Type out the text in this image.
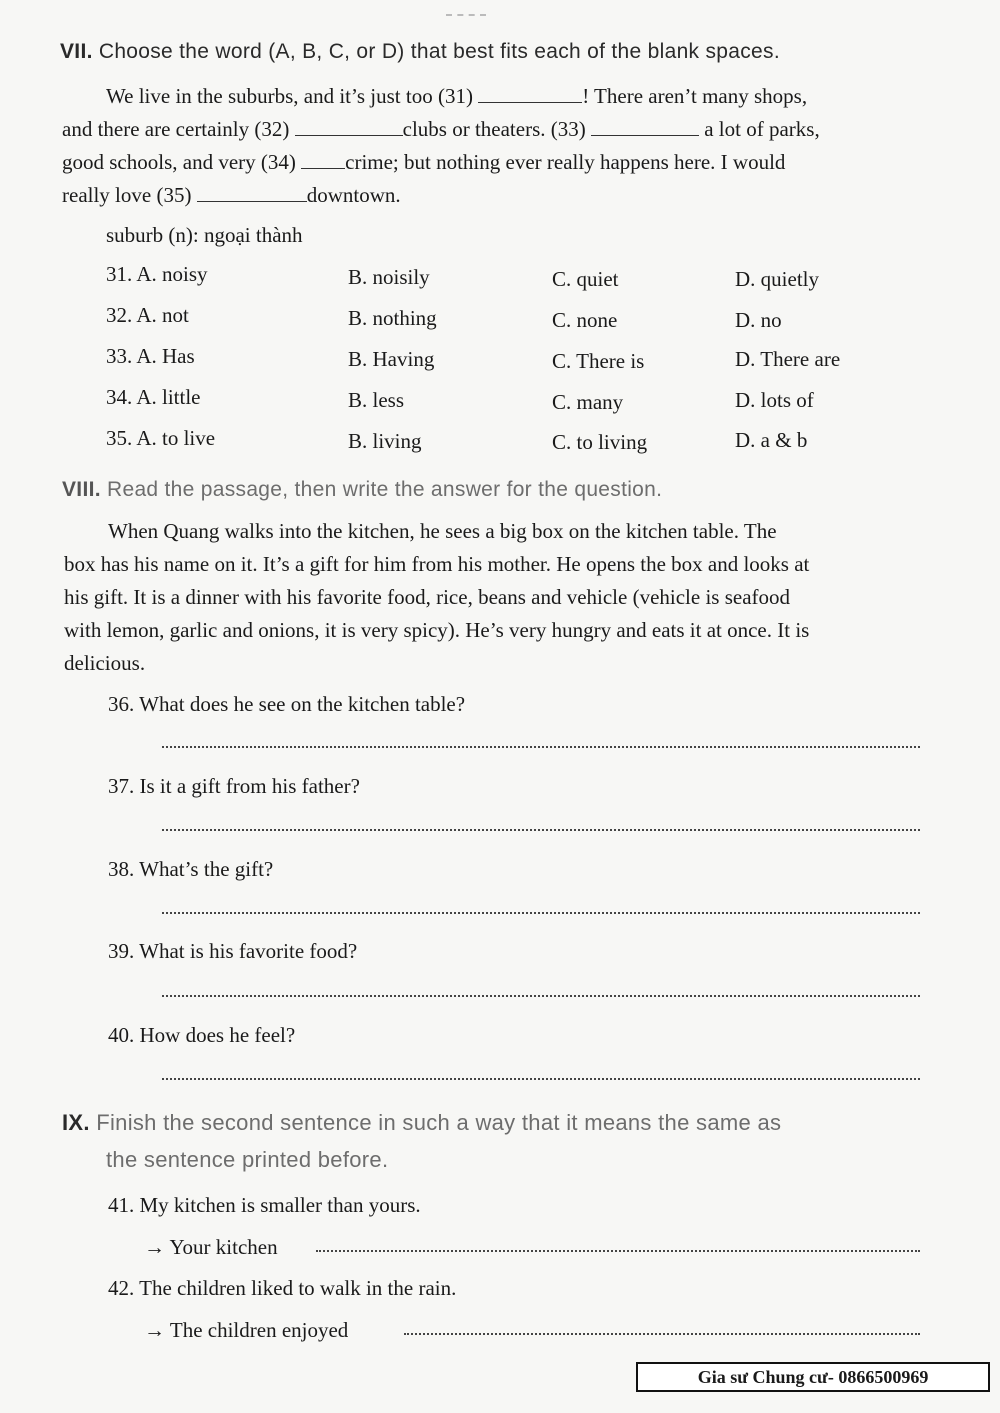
VII. Choose the word (A, B, C, or D) that best fits each of the blank spaces.
We live in the suburbs, and it’s just too (31)	! There aren’t many shops,
and there are certainly (32)	clubs or theaters. (33)	a lot of parks,
good schools, and very (34) crime; but nothing ever really happens here. I would
really love (35)	downtown.
suburb (n): ngoại thành
31. A. noisy	B. noisily	C. quiet	D. quietly
32. A. not	B. nothing	C. none	D. no
33. A. Has	B. Having	C. There is	D. There are
34. A. little	B. less	C. many	D. lots of
35. A. to live	B. living	C. to living	D. a & b
VIII. Read the passage, then write the answer for the question.
When Quang walks into the kitchen, he sees a big box on the kitchen table. The
box has his name on it. It’s a gift for him from his mother. He opens the box and looks at
his gift. It is a dinner with his favorite food, rice, beans and vehicle (vehicle is seafood
with lemon, garlic and onions, it is very spicy). He’s very hungry and eats it at once. It is
delicious.
36. What does he see on the kitchen table?
37. Is it a gift from his father?
38. What’s the gift?
39. What is his favorite food?
40. How does he feel?
IX. Finish the second sentence in such a way that it means the same as
the sentence printed before.
41. My kitchen is smaller than yours.
→ Your kitchen
42. The children liked to walk in the rain.
→ The children enjoyed
Gia sư Chung cư- 0866500969
